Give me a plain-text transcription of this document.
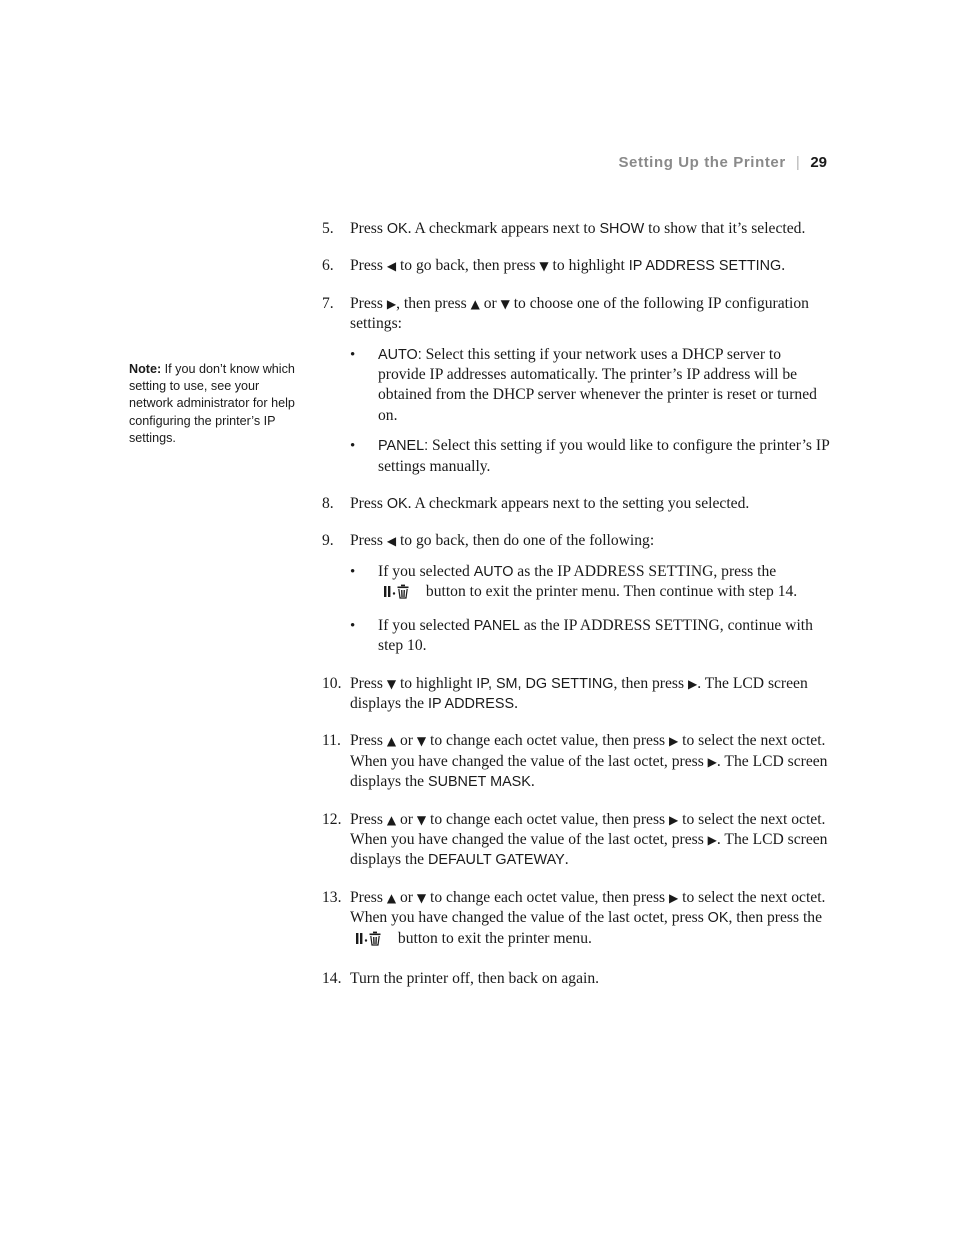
Setting Up the Printer | 29
Note: If you don’t know which setting to use, see your network administrator for help configuring the printer’s IP settings.
5. Press OK. A checkmark appears next to SHOW to show that it’s selected.
6. Press ◀ to go back, then press ▼ to highlight IP ADDRESS SETTING.
7. Press ▶, then press ▲ or ▼ to choose one of the following IP configuration settings:
• AUTO: Select this setting if your network uses a DHCP server to provide IP addresses automatically. The printer’s IP address will be obtained from the DHCP server whenever the printer is reset or turned on.
• PANEL: Select this setting if you would like to configure the printer’s IP settings manually.
8. Press OK. A checkmark appears next to the setting you selected.
9. Press ◀ to go back, then do one of the following:
• If you selected AUTO as the IP ADDRESS SETTING, press the
button to exit the printer menu. Then continue with step 14.
• If you selected PANEL as the IP ADDRESS SETTING, continue with step 10.
10. Press ▼ to highlight IP, SM, DG SETTING, then press ▶. The LCD screen displays the IP ADDRESS.
11. Press ▲ or ▼ to change each octet value, then press ▶ to select the next octet. When you have changed the value of the last octet, press ▶. The LCD screen displays the SUBNET MASK.
12. Press ▲ or ▼ to change each octet value, then press ▶ to select the next octet. When you have changed the value of the last octet, press ▶. The LCD screen displays the DEFAULT GATEWAY.
13. Press ▲ or ▼ to change each octet value, then press ▶ to select the next octet. When you have changed the value of the last octet, press OK, then press the button to exit the printer menu.
14. Turn the printer off, then back on again.
